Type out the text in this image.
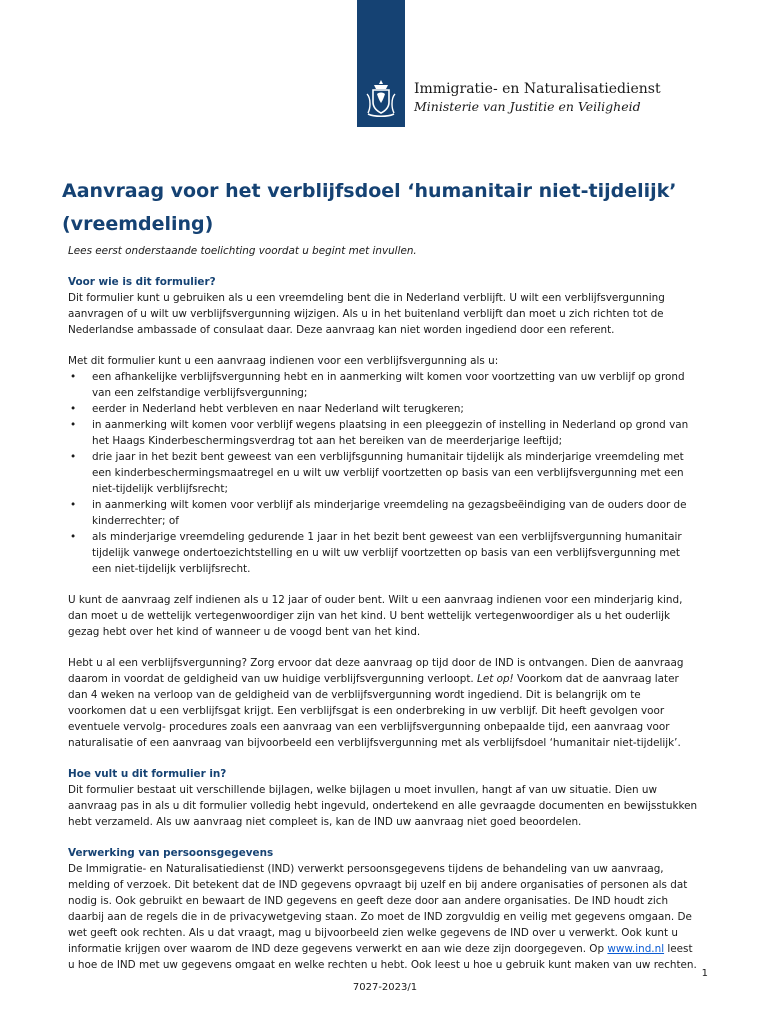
Immigratie- en Naturalisatiedienst
Ministerie van Justitie en Veiligheid
Aanvraag voor het verblijfsdoel ‘humanitair niet-tijdelijk’ (vreemdeling)

Lees eerst onderstaande toelichting voordat u begint met invullen.

Voor wie is dit formulier?

Dit formulier kunt u gebruiken als u een vreemdeling bent die in Nederland verblijft. U wilt een verblijfsvergunning aanvragen of u wilt uw verblijfsvergunning wijzigen. Als u in het buitenland verblijft dan moet u zich richten tot de Nederlandse ambassade of consulaat daar. Deze aanvraag kan niet worden ingediend door een referent.

Met dit formulier kunt u een aanvraag indienen voor een verblijfsvergunning als u:

• een afhankelijke verblijfsvergunning hebt en in aanmerking wilt komen voor voortzetting van uw verblijf op grond van een zelfstandige verblijfsvergunning;
• eerder in Nederland hebt verbleven en naar Nederland wilt terugkeren;
• in aanmerking wilt komen voor verblijf wegens plaatsing in een pleeggezin of instelling in Nederland op grond van het Haags Kinderbeschermingsverdrag tot aan het bereiken van de meerderjarige leeftijd;
• drie jaar in het bezit bent geweest van een verblijfsgunning humanitair tijdelijk als minderjarige vreemdeling met een kinderbeschermingsmaatregel en u wilt uw verblijf voortzetten op basis van een verblijfsvergunning met een niet-tijdelijk verblijfsrecht;
• in aanmerking wilt komen voor verblijf als minderjarige vreemdeling na gezagsbeëindiging van de ouders door de kinderrechter; of
• als minderjarige vreemdeling gedurende 1 jaar in het bezit bent geweest van een verblijfsvergunning humanitair tijdelijk vanwege ondertoezichtstelling en u wilt uw verblijf voortzetten op basis van een verblijfsvergunning met een niet-tijdelijk verblijfsrecht.

U kunt de aanvraag zelf indienen als u 12 jaar of ouder bent. Wilt u een aanvraag indienen voor een minderjarig kind, dan moet u de wettelijk vertegenwoordiger zijn van het kind. U bent wettelijk vertegenwoordiger als u het ouderlijk gezag hebt over het kind of wanneer u de voogd bent van het kind.

Hebt u al een verblijfsvergunning? Zorg ervoor dat deze aanvraag op tijd door de IND is ontvangen. Dien de aanvraag daarom in voordat de geldigheid van uw huidige verblijfsvergunning verloopt. Let op! Voorkom dat de aanvraag later dan 4 weken na verloop van de geldigheid van de verblijfsvergunning wordt ingediend. Dit is belangrijk om te voorkomen dat u een verblijfsgat krijgt. Een verblijfsgat is een onderbreking in uw verblijf. Dit heeft gevolgen voor eventuele vervolg- procedures zoals een aanvraag van een verblijfsvergunning onbepaalde tijd, een aanvraag voor naturalisatie of een aanvraag van bijvoorbeeld een verblijfsvergunning met als verblijfsdoel ‘humanitair niet-tijdelijk’.

Hoe vult u dit formulier in?

Dit formulier bestaat uit verschillende bijlagen, welke bijlagen u moet invullen, hangt af van uw situatie. Dien uw aanvraag pas in als u dit formulier volledig hebt ingevuld, ondertekend en alle gevraagde documenten en bewijsstukken hebt verzameld. Als uw aanvraag niet compleet is, kan de IND uw aanvraag niet goed beoordelen.

Verwerking van persoonsgegevens

De Immigratie- en Naturalisatiedienst (IND) verwerkt persoonsgegevens tijdens de behandeling van uw aanvraag, melding of verzoek. Dit betekent dat de IND gegevens opvraagt bij uzelf en bij andere organisaties of personen als dat nodig is. Ook gebruikt en bewaart de IND gegevens en geeft deze door aan andere organisaties. De IND houdt zich daarbij aan de regels die in de privacywetgeving staan. Zo moet de IND zorgvuldig en veilig met gegevens omgaan. De wet geeft ook rechten. Als u dat vraagt, mag u bijvoorbeeld zien welke gegevens de IND over u verwerkt. Ook kunt u informatie krijgen over waarom de IND deze gegevens verwerkt en aan wie deze zijn doorgegeven. Op www.ind.nl leest u hoe de IND met uw gegevens omgaat en welke rechten u hebt. Ook leest u hoe u gebruik kunt maken van uw rechten.

1
7027-2023/1
